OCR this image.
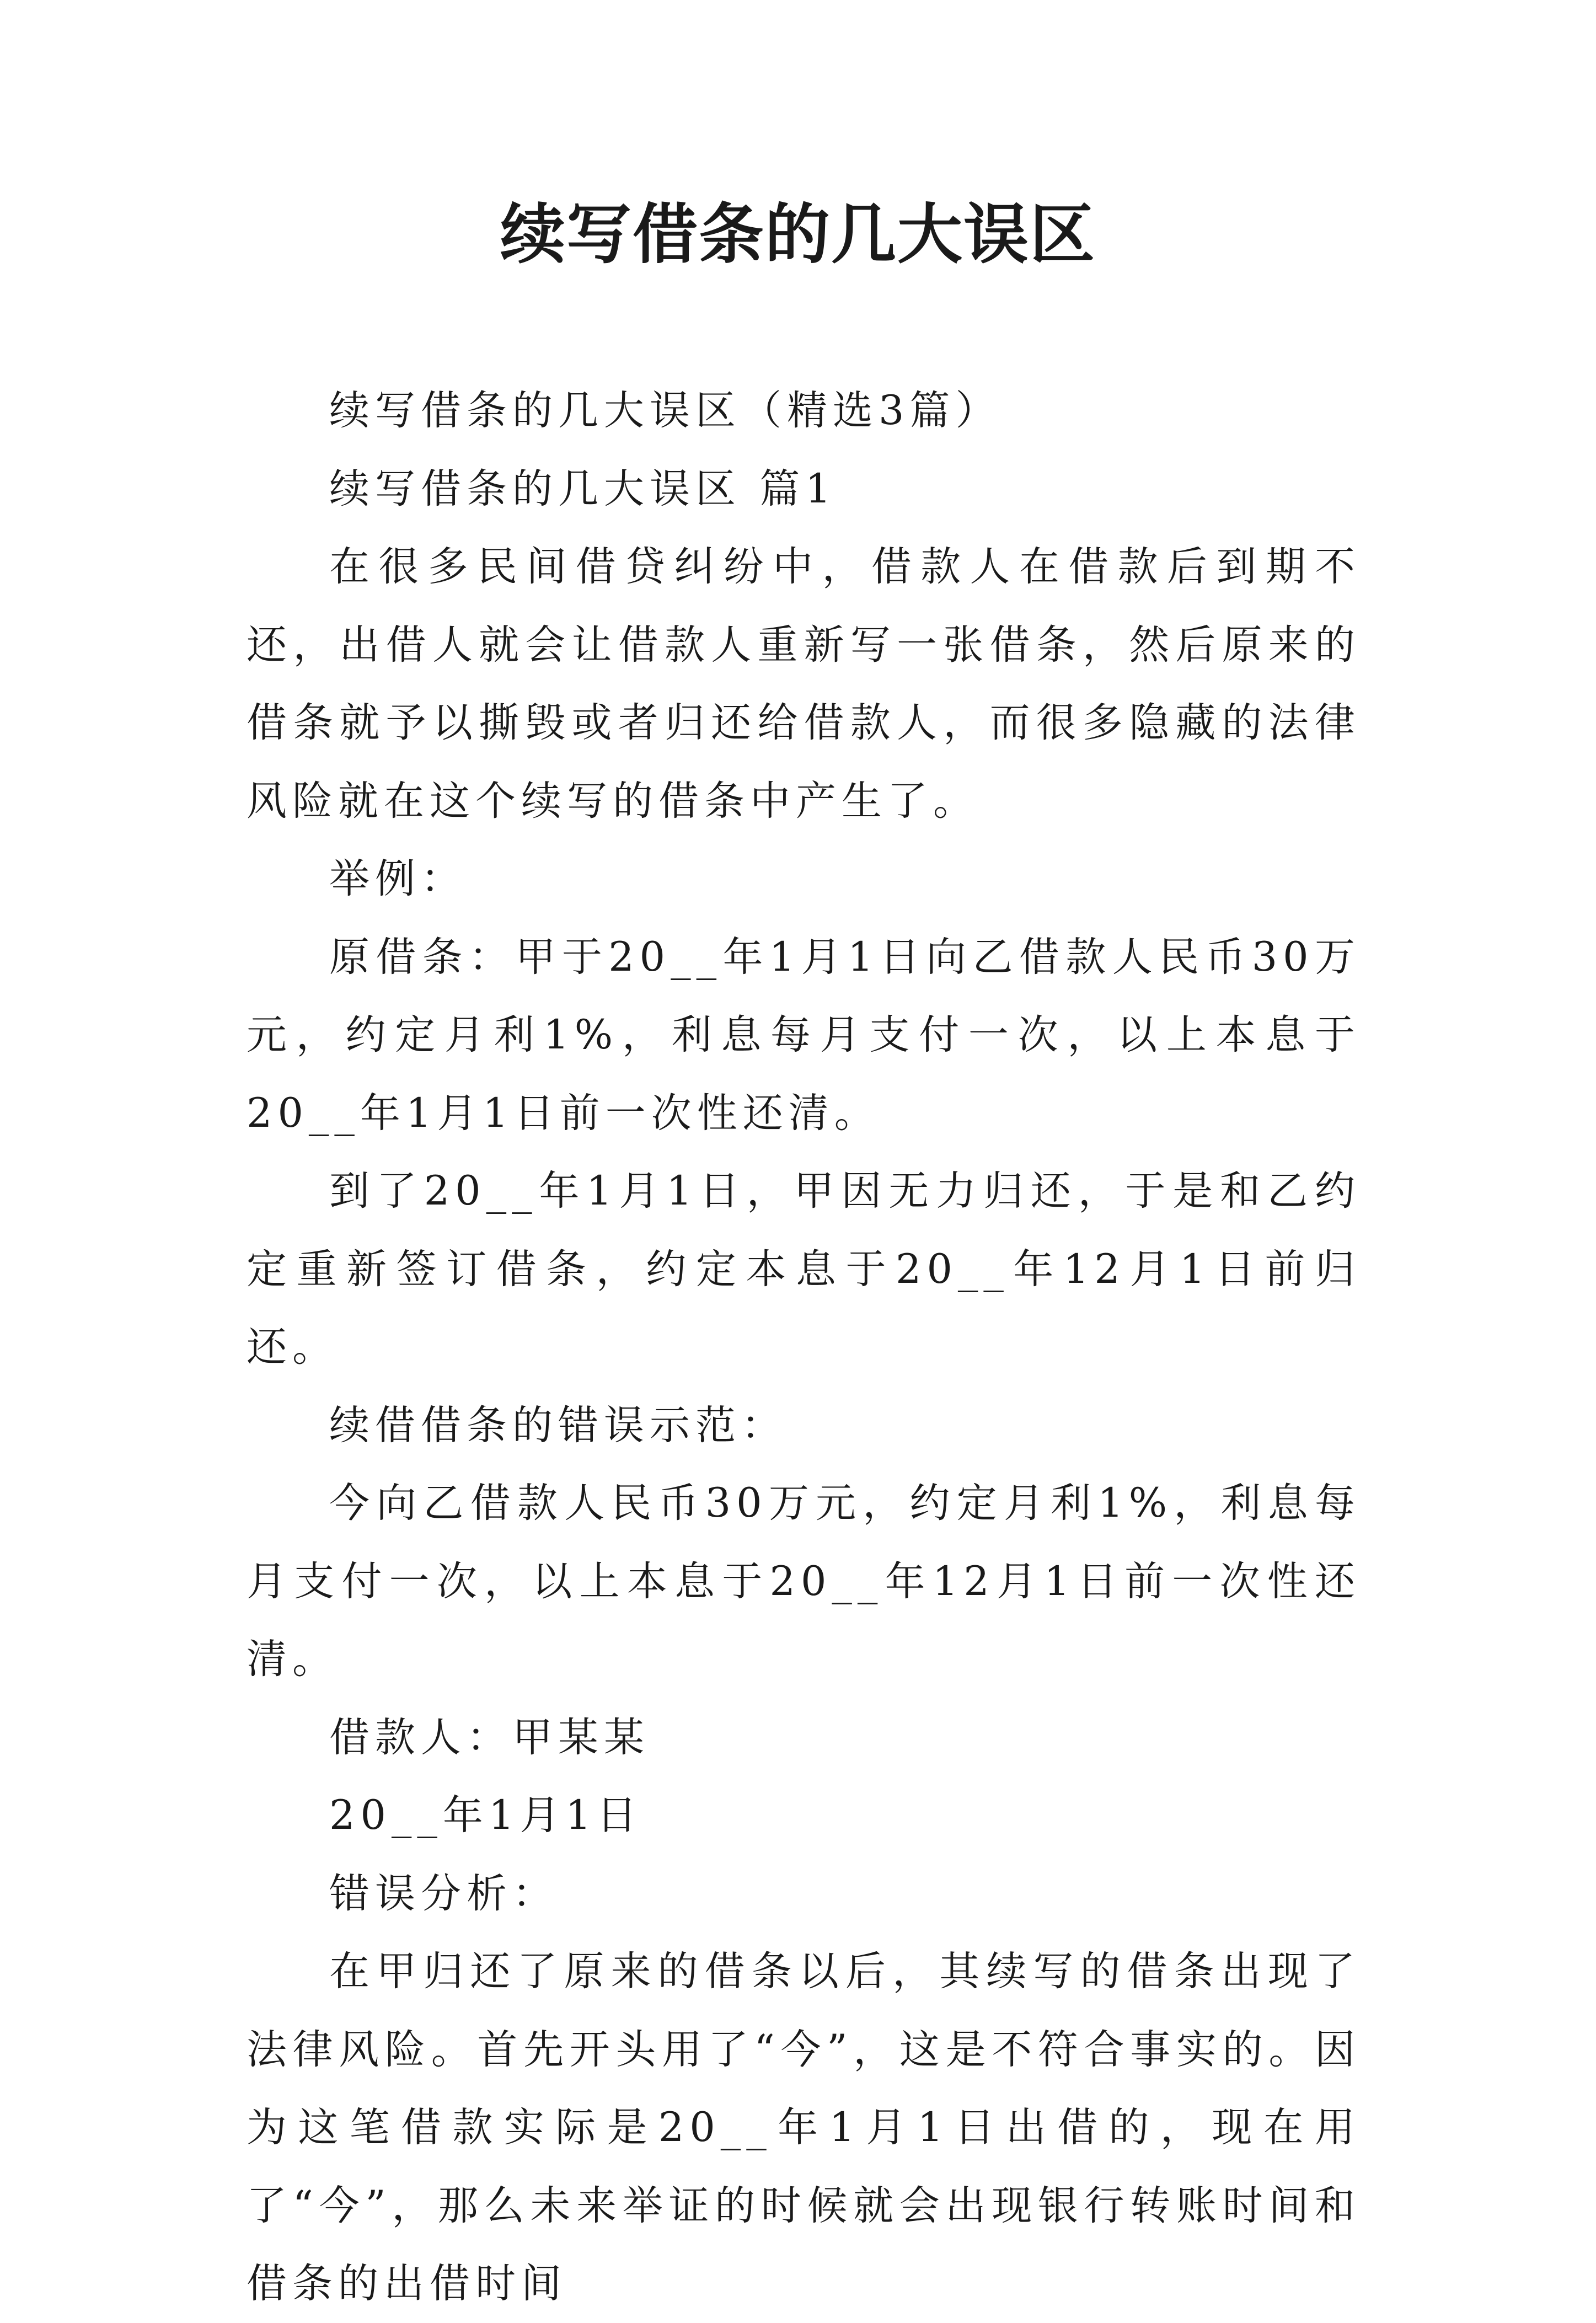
续写借条的几大误区

续写借条的几大误区（精选3篇）

续写借条的几大误区 篇1

在很多民间借贷纠纷中，借款人在借款后到期不还，出借人就会让借款人重新写一张借条，然后原来的借条就予以撕毁或者归还给借款人，而很多隐藏的法律风险就在这个续写的借条中产生了。

举例：

原借条：甲于20__年1月1日向乙借款人民币30万元，约定月利1%，利息每月支付一次，以上本息于20__年1月1日前一次性还清。

到了20__年1月1日，甲因无力归还，于是和乙约定重新签订借条，约定本息于20__年12月1日前归还。

续借借条的错误示范：

今向乙借款人民币30万元，约定月利1%，利息每月支付一次，以上本息于20__年12月1日前一次性还清。

借款人：甲某某

20__年1月1日

错误分析：

在甲归还了原来的借条以后，其续写的借条出现了法律风险。首先开头用了“今”，这是不符合事实的。因为这笔借款实际是20__年1月1日出借的，现在用了“今”，那么未来举证的时候就会出现银行转账时间和借条的出借时间
